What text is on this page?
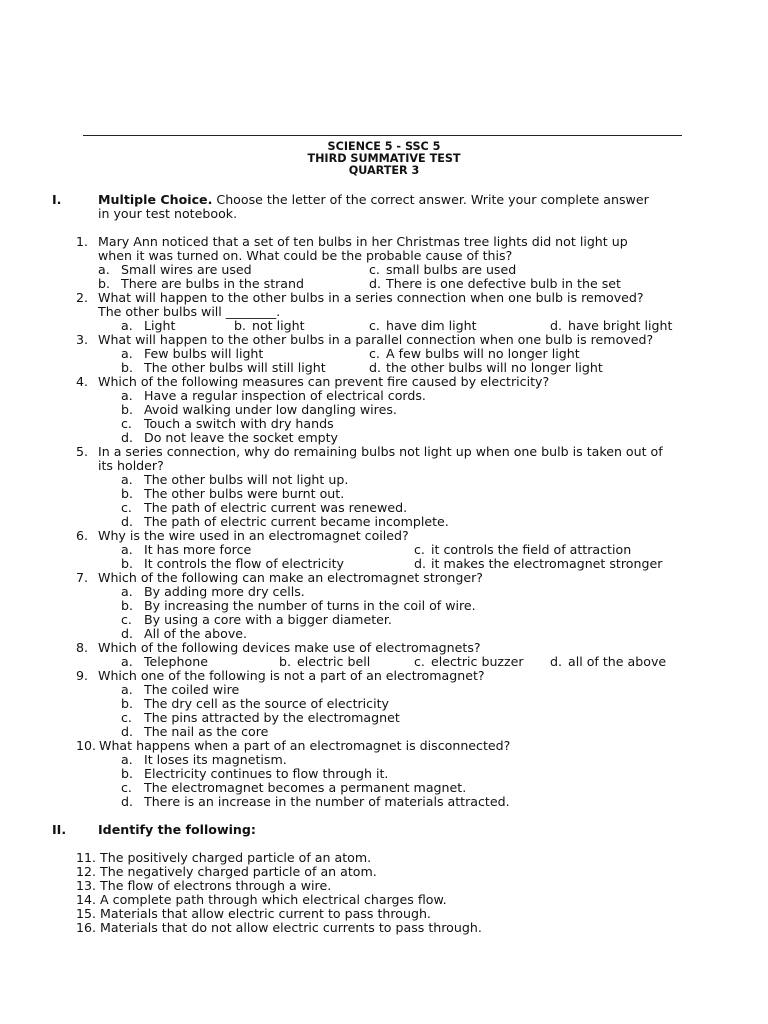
SCIENCE 5 - SSC 5
THIRD SUMMATIVE TEST
QUARTER 3
I.	Multiple Choice. Choose the letter of the correct answer. Write your complete answer
in your test notebook.
1. Mary Ann noticed that a set of ten bulbs in her Christmas tree lights did not light up
when it was turned on. What could be the probable cause of this?
a. Small wires are used	c. small bulbs are used
b. There are bulbs in the strand	d. There is one defective bulb in the set
2. What will happen to the other bulbs in a series connection when one bulb is removed?
The other bulbs will ________.
a. Light	b. not light	c. have dim light	d. have bright light
3. What will happen to the other bulbs in a parallel connection when one bulb is removed?
a. Few bulbs will light	c. A few bulbs will no longer light
b. The other bulbs will still light	d. the other bulbs will no longer light
4. Which of the following measures can prevent fire caused by electricity?
a. Have a regular inspection of electrical cords.
b. Avoid walking under low dangling wires.
c. Touch a switch with dry hands
d. Do not leave the socket empty
5. In a series connection, why do remaining bulbs not light up when one bulb is taken out of
its holder?
a. The other bulbs will not light up.
b. The other bulbs were burnt out.
c. The path of electric current was renewed.
d. The path of electric current became incomplete.
6. Why is the wire used in an electromagnet coiled?
a. It has more force	c. it controls the field of attraction
b. It controls the flow of electricity	d. it makes the electromagnet stronger
7. Which of the following can make an electromagnet stronger?
a. By adding more dry cells.
b. By increasing the number of turns in the coil of wire.
c. By using a core with a bigger diameter.
d. All of the above.
8. Which of the following devices make use of electromagnets?
a. Telephone	b. electric bell	c. electric buzzer d. all of the above
9. Which one of the following is not a part of an electromagnet?
a. The coiled wire
b. The dry cell as the source of electricity
c. The pins attracted by the electromagnet
d. The nail as the core
10. What happens when a part of an electromagnet is disconnected?
a. It loses its magnetism.
b. Electricity continues to flow through it.
c. The electromagnet becomes a permanent magnet.
d. There is an increase in the number of materials attracted.
II.	Identify the following:
11. The positively charged particle of an atom.
12. The negatively charged particle of an atom.
13. The flow of electrons through a wire.
14. A complete path through which electrical charges flow.
15. Materials that allow electric current to pass through.
16. Materials that do not allow electric currents to pass through.
